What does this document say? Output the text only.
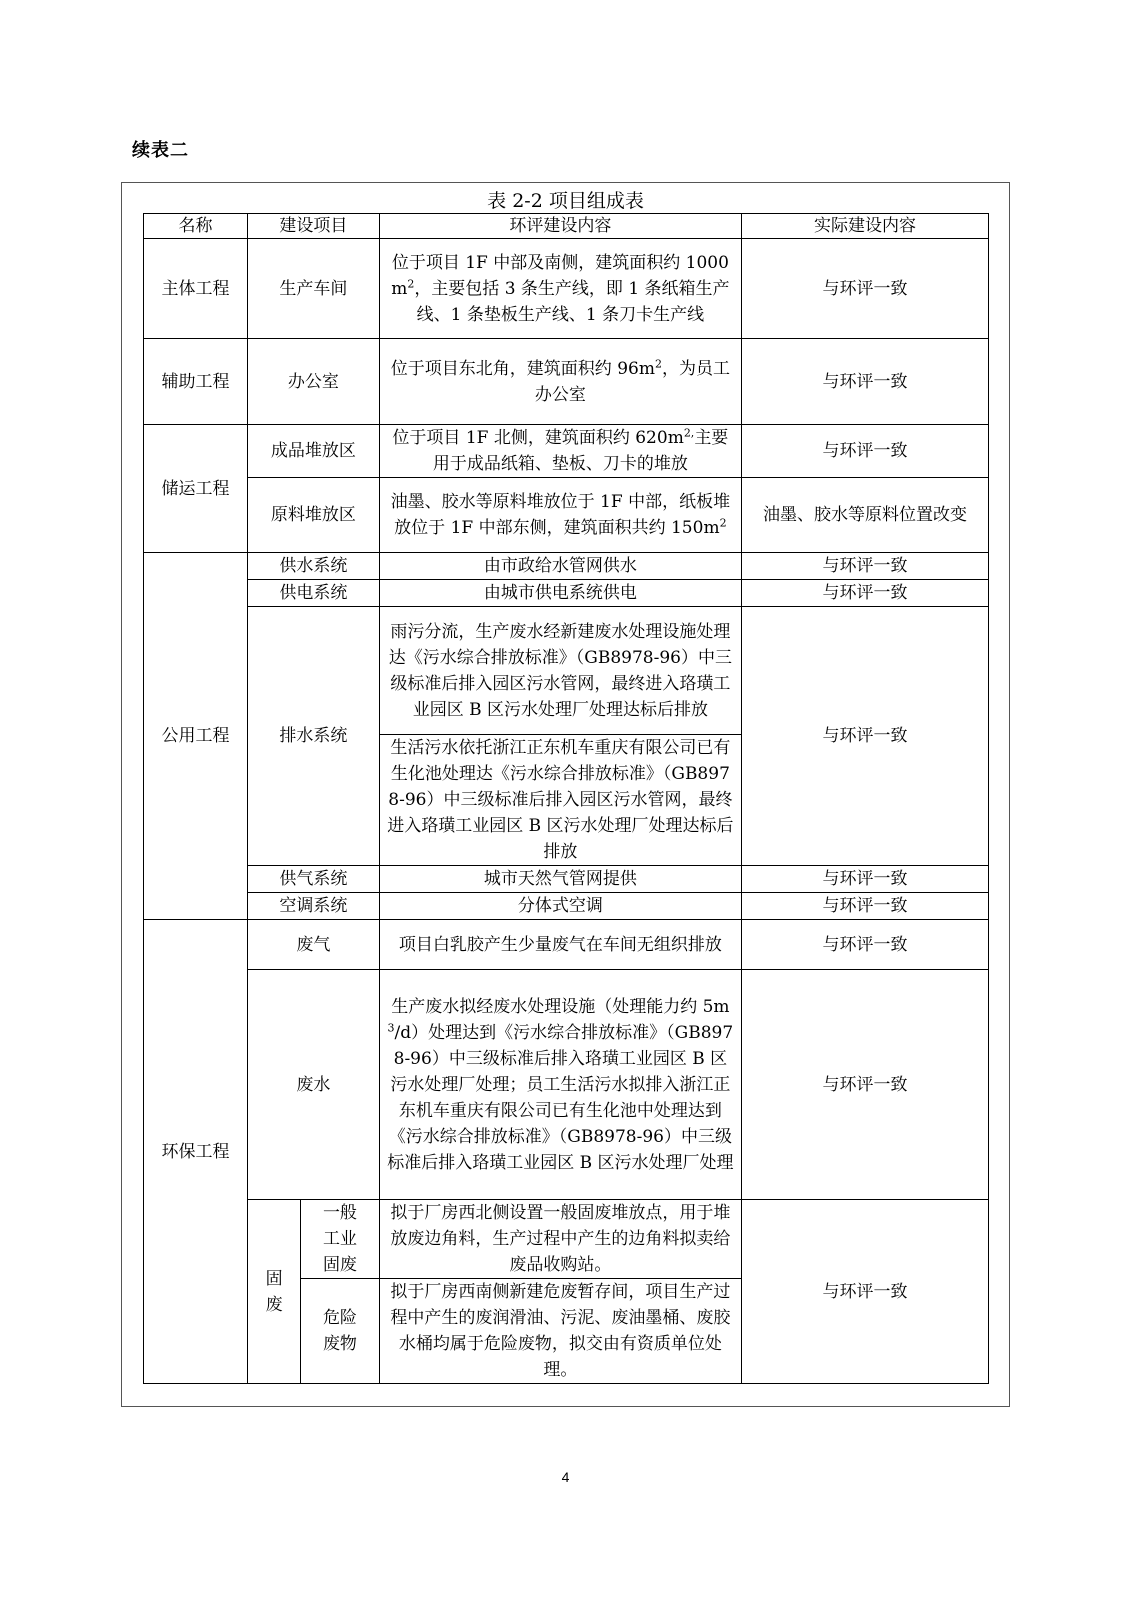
续表二
表 2-2 项目组成表
名称	建设项目		环评建设内容	实际建设内容
主体工程	生产车间		位于项目 1F 中部及南侧，建筑面积约 $1000m^2$，主要包括 3 条生产线，即 1 条纸箱生产线、1 条垫板生产线、1 条刀卡生产线	与环评一致
辅助工程	办公室		位于项目东北角，建筑面积约 $96m^2$，为员工办公室	与环评一致
储运工程	成品堆放区		位于项目 1F 北侧，建筑面积约 $620m^{2,}$主要用于成品纸箱、垫板、刀卡的堆放	与环评一致
	原料堆放区		油墨、胶水等原料堆放位于 1F 中部，纸板堆放位于 1F 中部东侧，建筑面积共约 $150m^2$	油墨、胶水等原料位置改变
公用工程	供水系统		由市政给水管网供水	与环评一致
	供电系统		由城市供电系统供电	与环评一致
	排水系统		雨污分流，生产废水经新建废水处理设施处理达《污水综合排放标准》（GB8978-96）中三级标准后排入园区污水管网，最终进入珞璜工业园区 B 区污水处理厂处理达标后排放	与环评一致
			生活污水依托浙江正东机车重庆有限公司已有生化池处理达《污水综合排放标准》（GB8978-96）中三级标准后排入园区污水管网，最终进入珞璜工业园区 B 区污水处理厂处理达标后排放	
	供气系统		城市天然气管网提供	与环评一致
	空调系统		分体式空调	与环评一致
环保工程	废气		项目白乳胶产生少量废气在车间无组织排放	与环评一致
	废水		生产废水拟经废水处理设施（处理能力约 $5m^3/d$）处理达到《污水综合排放标准》（GB8978-96）中三级标准后排入珞璜工业园区 B 区污水处理厂处理；员工生活污水拟排入浙江正东机车重庆有限公司已有生化池中处理达到《污水综合排放标准》（GB8978-96）中三级标准后排入珞璜工业园区 B 区污水处理厂处理	与环评一致
	固废	一般工业固废	拟于厂房西北侧设置一般固废堆放点，用于堆放废边角料，生产过程中产生的边角料拟卖给废品收购站。	与环评一致
		危险废物	拟于厂房西南侧新建危废暂存间，项目生产过程中产生的废润滑油、污泥、废油墨桶、废胶水桶均属于危险废物，拟交由有资质单位处理。	
4
